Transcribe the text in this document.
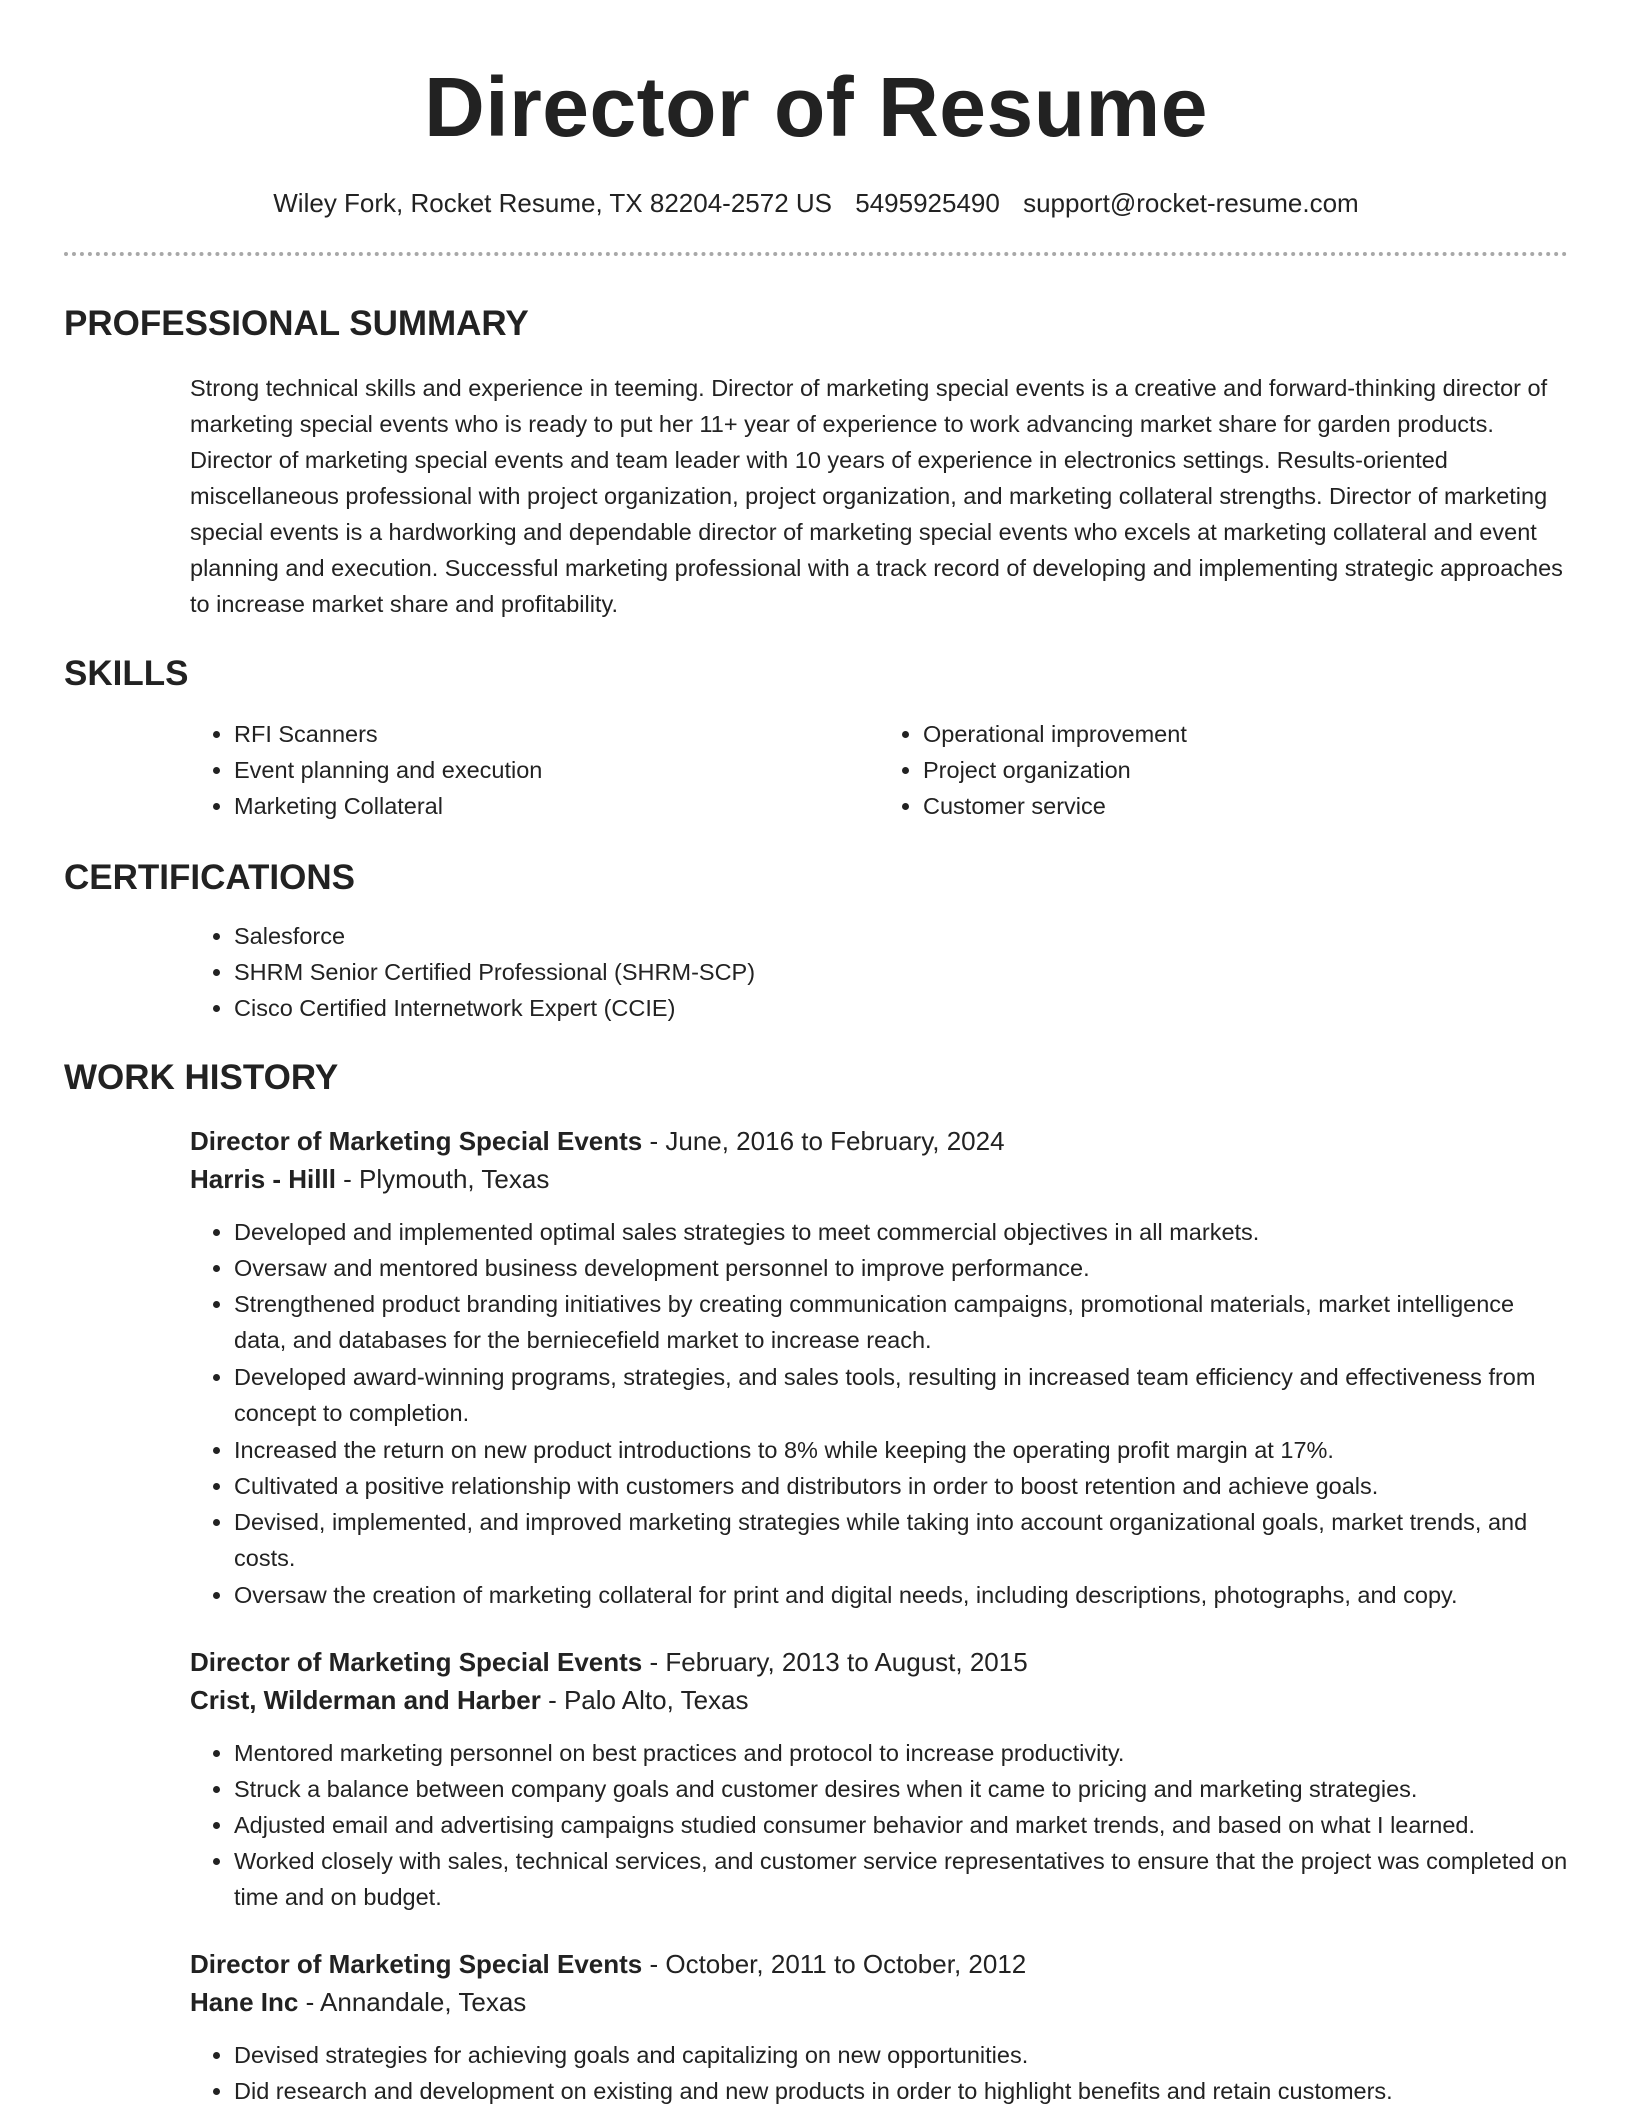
Director of Resume
Wiley Fork, Rocket Resume, TX 82204-2572 US 5495925490 support@rocket-resume.com
PROFESSIONAL SUMMARY

Strong technical skills and experience in teeming. Director of marketing special events is a creative and forward-thinking director of marketing special events who is ready to put her 11+ year of experience to work advancing market share for garden products. Director of marketing special events and team leader with 10 years of experience in electronics settings. Results-oriented miscellaneous professional with project organization, project organization, and marketing collateral strengths. Director of marketing special events is a hardworking and dependable director of marketing special events who excels at marketing collateral and event planning and execution. Successful marketing professional with a track record of developing and implementing strategic approaches to increase market share and profitability.

SKILLS
• RFI Scanners
• Event planning and execution
• Marketing Collateral
• Operational improvement
• Project organization
• Customer service
CERTIFICATIONS
• Salesforce
• SHRM Senior Certified Professional (SHRM-SCP)
• Cisco Certified Internetwork Expert (CCIE)
WORK HISTORY
Director of Marketing Special Events - June, 2016 to February, 2024
Harris - Hilll - Plymouth, Texas
• Developed and implemented optimal sales strategies to meet commercial objectives in all markets.
• Oversaw and mentored business development personnel to improve performance.
• Strengthened product branding initiatives by creating communication campaigns, promotional materials, market intelligence data, and databases for the berniecefield market to increase reach.
• Developed award-winning programs, strategies, and sales tools, resulting in increased team efficiency and effectiveness from concept to completion.
• Increased the return on new product introductions to 8% while keeping the operating profit margin at 17%.
• Cultivated a positive relationship with customers and distributors in order to boost retention and achieve goals.
• Devised, implemented, and improved marketing strategies while taking into account organizational goals, market trends, and costs.
• Oversaw the creation of marketing collateral for print and digital needs, including descriptions, photographs, and copy.
Director of Marketing Special Events - February, 2013 to August, 2015
Crist, Wilderman and Harber - Palo Alto, Texas
• Mentored marketing personnel on best practices and protocol to increase productivity.
• Struck a balance between company goals and customer desires when it came to pricing and marketing strategies.
• Adjusted email and advertising campaigns studied consumer behavior and market trends, and based on what I learned.
• Worked closely with sales, technical services, and customer service representatives to ensure that the project was completed on time and on budget.
Director of Marketing Special Events - October, 2011 to October, 2012
Hane Inc - Annandale, Texas
• Devised strategies for achieving goals and capitalizing on new opportunities.
• Did research and development on existing and new products in order to highlight benefits and retain customers.
